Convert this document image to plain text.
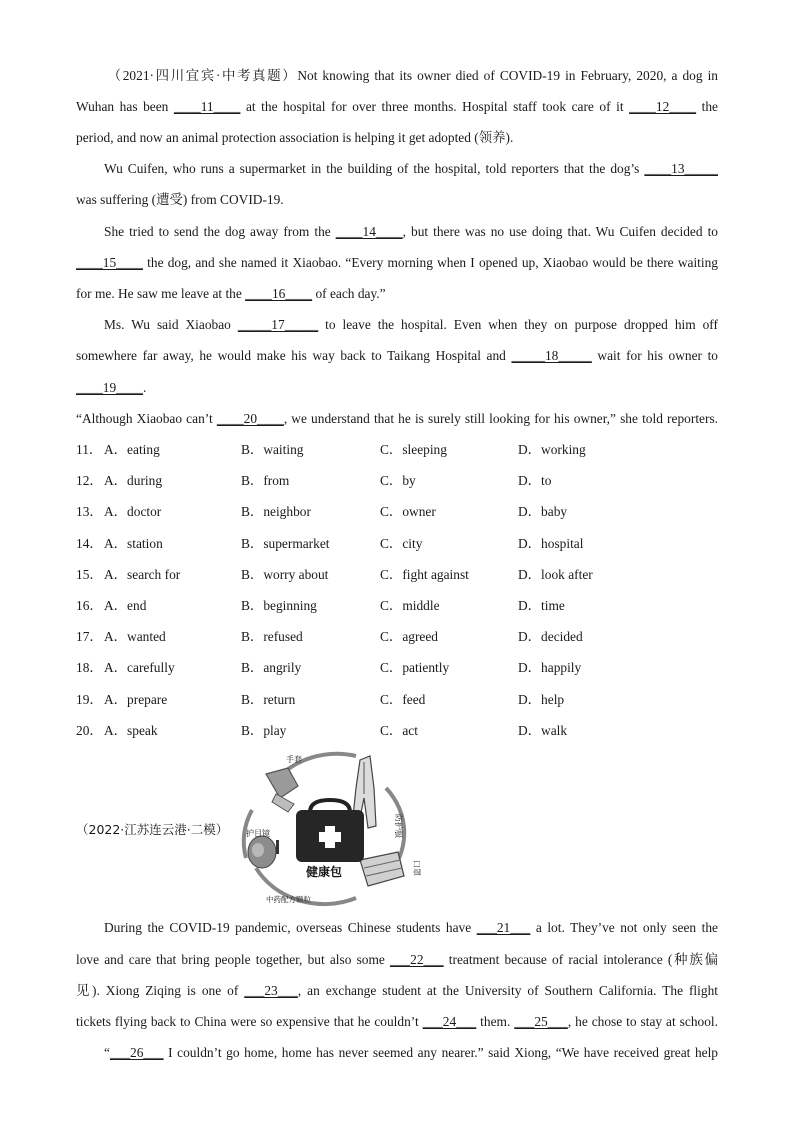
（2021·四川宜宾·中考真题）Not knowing that its owner died of COVID-19 in February, 2020, a dog in
Wuhan has been ____11____ at the hospital for over three months. Hospital staff took care of it ____12____ the
period, and now an animal protection association is helping it get adopted (领养).
Wu Cuifen, who runs a supermarket in the building of the hospital, told reporters that the dog’s ____13_____
was suffering (遭受) from COVID-19.
She tried to send the dog away from the ____14____, but there was no use doing that. Wu Cuifen decided to
____15____ the dog, and she named it Xiaobao. “Every morning when I opened up, Xiaobao would be there waiting
for me. He saw me leave at the ____16____ of each day.”
Ms. Wu said Xiaobao _____17_____ to leave the hospital. Even when they on purpose dropped him off
somewhere far away, he would make his way back to Taikang Hospital and _____18_____ wait for his owner to
____19____.
“Although Xiaobao can’t ____20____, we understand that he is surely still looking for his owner,” she told reporters.
11． A．eating	B．waiting	C．sleeping	D．working
12． A．during	B．from	C．by	D．to
13． A．doctor	B．neighbor	C．owner	D．baby
14． A．station	B．supermarket	C．city	D．hospital
15． A．search for	B．worry about	C．fight against	D．look after
16． A．end	B．beginning	C．middle	D．time
17． A．wanted	B．refused	C．agreed	D．decided
18． A．carefully	B．angrily	C．patiently	D．happily
19． A．prepare	B．return	C．feed	D．help
20． A．speak	B．play	C．act	D．walk
（2022·江苏连云港·二模）
手套
护目镜	防护服
口罩
中药配方颗粒
健康包
During the COVID-19 pandemic, overseas Chinese students have ___21___ a lot. They’ve not only seen the
love and care that bring people together, but also some ___22___ treatment because of racial intolerance (种族偏
见). Xiong Ziqing is one of ___23___, an exchange student at the University of Southern California. The flight
tickets flying back to China were so expensive that he couldn’t ___24___ them. ___25___, he chose to stay at school.
“___26___ I couldn’t go home, home has never seemed any nearer.” said Xiong, “We have received great help
